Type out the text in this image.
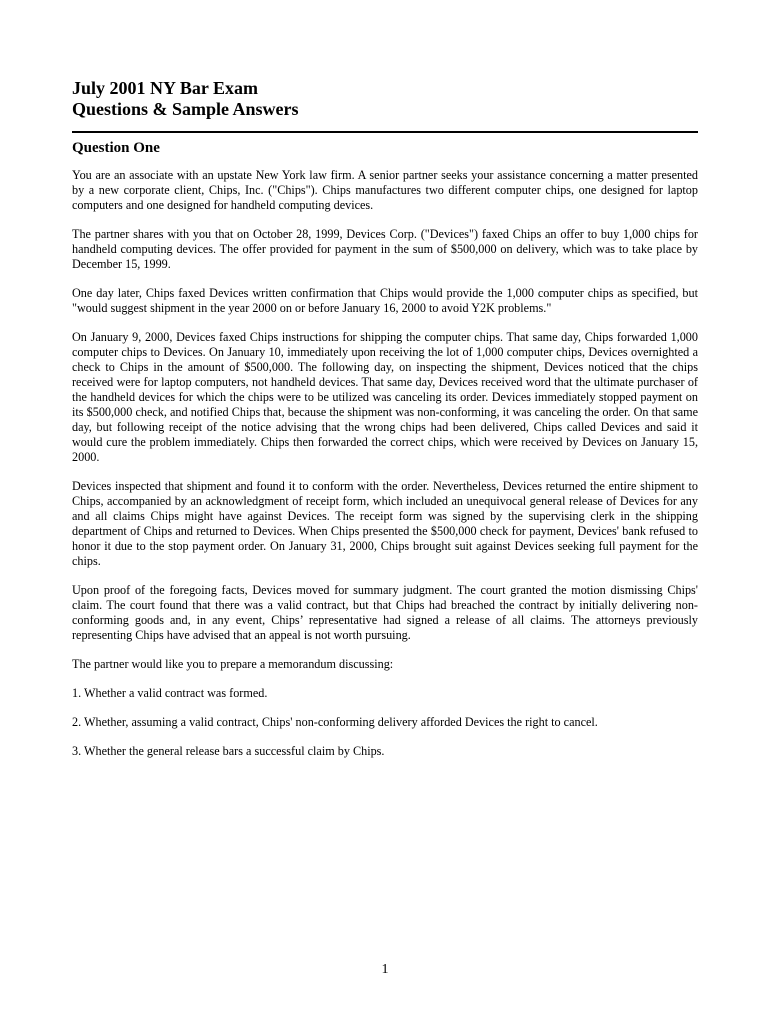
July 2001 NY Bar Exam
Questions & Sample Answers
Question One

You are an associate with an upstate New York law firm. A senior partner seeks your assistance concerning a matter presented by a new corporate client, Chips, Inc. ("Chips"). Chips manufactures two different computer chips, one designed for laptop computers and one designed for handheld computing devices.

The partner shares with you that on October 28, 1999, Devices Corp. ("Devices") faxed Chips an offer to buy 1,000 chips for handheld computing devices. The offer provided for payment in the sum of $500,000 on delivery, which was to take place by December 15, 1999.

One day later, Chips faxed Devices written confirmation that Chips would provide the 1,000 computer chips as specified, but "would suggest shipment in the year 2000 on or before January 16, 2000 to avoid Y2K problems."

On January 9, 2000, Devices faxed Chips instructions for shipping the computer chips. That same day, Chips forwarded 1,000 computer chips to Devices. On January 10, immediately upon receiving the lot of 1,000 computer chips, Devices overnighted a check to Chips in the amount of $500,000. The following day, on inspecting the shipment, Devices noticed that the chips received were for laptop computers, not handheld devices. That same day, Devices received word that the ultimate purchaser of the handheld devices for which the chips were to be utilized was canceling its order. Devices immediately stopped payment on its $500,000 check, and notified Chips that, because the shipment was non-conforming, it was canceling the order. On that same day, but following receipt of the notice advising that the wrong chips had been delivered, Chips called Devices and said it would cure the problem immediately. Chips then forwarded the correct chips, which were received by Devices on January 15, 2000.

Devices inspected that shipment and found it to conform with the order. Nevertheless, Devices returned the entire shipment to Chips, accompanied by an acknowledgment of receipt form, which included an unequivocal general release of Devices for any and all claims Chips might have against Devices. The receipt form was signed by the supervising clerk in the shipping department of Chips and returned to Devices. When Chips presented the $500,000 check for payment, Devices' bank refused to honor it due to the stop payment order. On January 31, 2000, Chips brought suit against Devices seeking full payment for the chips.

Upon proof of the foregoing facts, Devices moved for summary judgment. The court granted the motion dismissing Chips' claim. The court found that there was a valid contract, but that Chips had breached the contract by initially delivering non-conforming goods and, in any event, Chips’ representative had signed a release of all claims. The attorneys previously representing Chips have advised that an appeal is not worth pursuing.

The partner would like you to prepare a memorandum discussing:

1. Whether a valid contract was formed.

2. Whether, assuming a valid contract, Chips' non-conforming delivery afforded Devices the right to cancel.

3. Whether the general release bars a successful claim by Chips.

1
